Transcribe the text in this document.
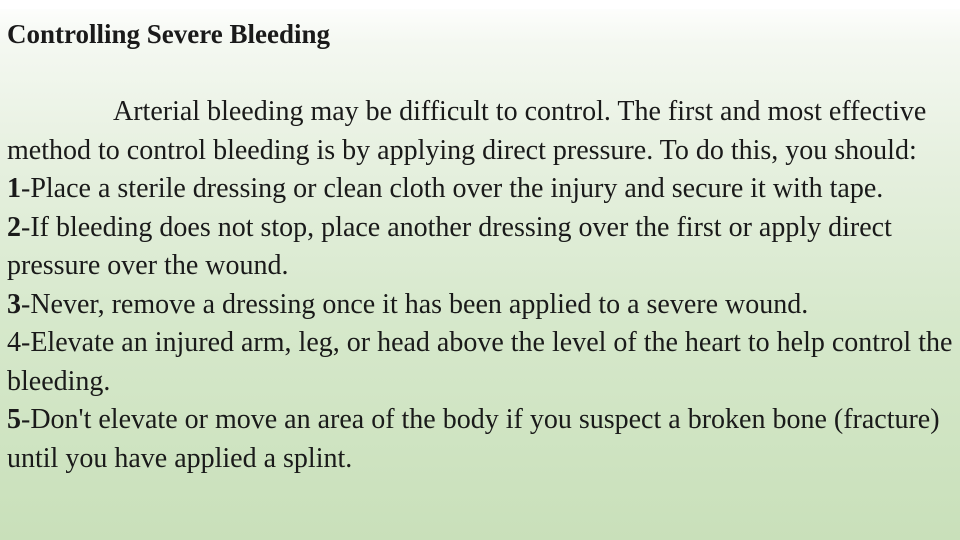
Controlling Severe Bleeding

Arterial bleeding may be difficult to control. The first and most effective method to control bleeding is by applying direct pressure. To do this, you should:

1-Place a sterile dressing or clean cloth over the injury and secure it with tape.

2-If bleeding does not stop, place another dressing over the first or apply direct pressure over the wound.

3-Never, remove a dressing once it has been applied to a severe wound.

4-Elevate an injured arm, leg, or head above the level of the heart to help control the bleeding.

5-Don't elevate or move an area of the body if you suspect a broken bone (fracture) until you have applied a splint.
